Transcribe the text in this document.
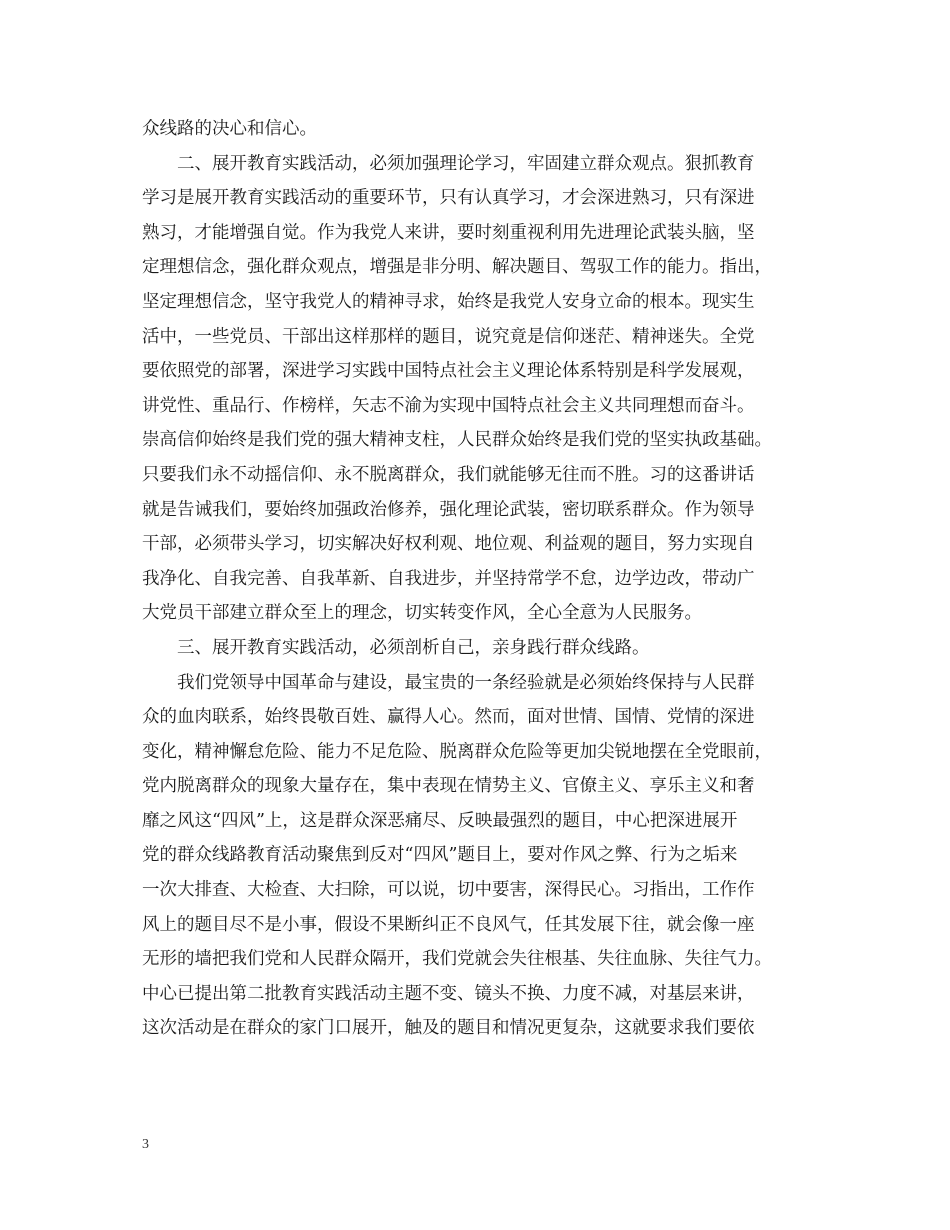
众线路的决心和信心。
二、展开教育实践活动，必须加强理论学习，牢固建立群众观点。狠抓教育
学习是展开教育实践活动的重要环节，只有认真学习，才会深进熟习，只有深进
熟习，才能增强自觉。作为我党人来讲，要时刻重视利用先进理论武装头脑，坚
定理想信念，强化群众观点，增强是非分明、解决题目、驾驭工作的能力。指出，
坚定理想信念，坚守我党人的精神寻求，始终是我党人安身立命的根本。现实生
活中，一些党员、干部出这样那样的题目，说究竟是信仰迷茫、精神迷失。全党
要依照党的部署，深进学习实践中国特点社会主义理论体系特别是科学发展观，
讲党性、重品行、作榜样，矢志不渝为实现中国特点社会主义共同理想而奋斗。
崇高信仰始终是我们党的强大精神支柱，人民群众始终是我们党的坚实执政基础。
只要我们永不动摇信仰、永不脱离群众，我们就能够无往而不胜。习的这番讲话
就是告诫我们，要始终加强政治修养，强化理论武装，密切联系群众。作为领导
干部，必须带头学习，切实解决好权利观、地位观、利益观的题目，努力实现自
我净化、自我完善、自我革新、自我进步，并坚持常学不怠，边学边改，带动广
大党员干部建立群众至上的理念，切实转变作风，全心全意为人民服务。
三、展开教育实践活动，必须剖析自己，亲身践行群众线路。
我们党领导中国革命与建设，最宝贵的一条经验就是必须始终保持与人民群
众的血肉联系，始终畏敬百姓、赢得人心。然而，面对世情、国情、党情的深进
变化，精神懈怠危险、能力不足危险、脱离群众危险等更加尖锐地摆在全党眼前，
党内脱离群众的现象大量存在，集中表现在情势主义、官僚主义、享乐主义和奢
靡之风这“四风”上，这是群众深恶痛尽、反映最强烈的题目，中心把深进展开
党的群众线路教育活动聚焦到反对“四风”题目上，要对作风之弊、行为之垢来
一次大排查、大检查、大扫除，可以说，切中要害，深得民心。习指出，工作作
风上的题目尽不是小事，假设不果断纠正不良风气，任其发展下往，就会像一座
无形的墙把我们党和人民群众隔开，我们党就会失往根基、失往血脉、失往气力。
中心已提出第二批教育实践活动主题不变、镜头不换、力度不减，对基层来讲，
这次活动是在群众的家门口展开，触及的题目和情况更复杂，这就要求我们要依
3
